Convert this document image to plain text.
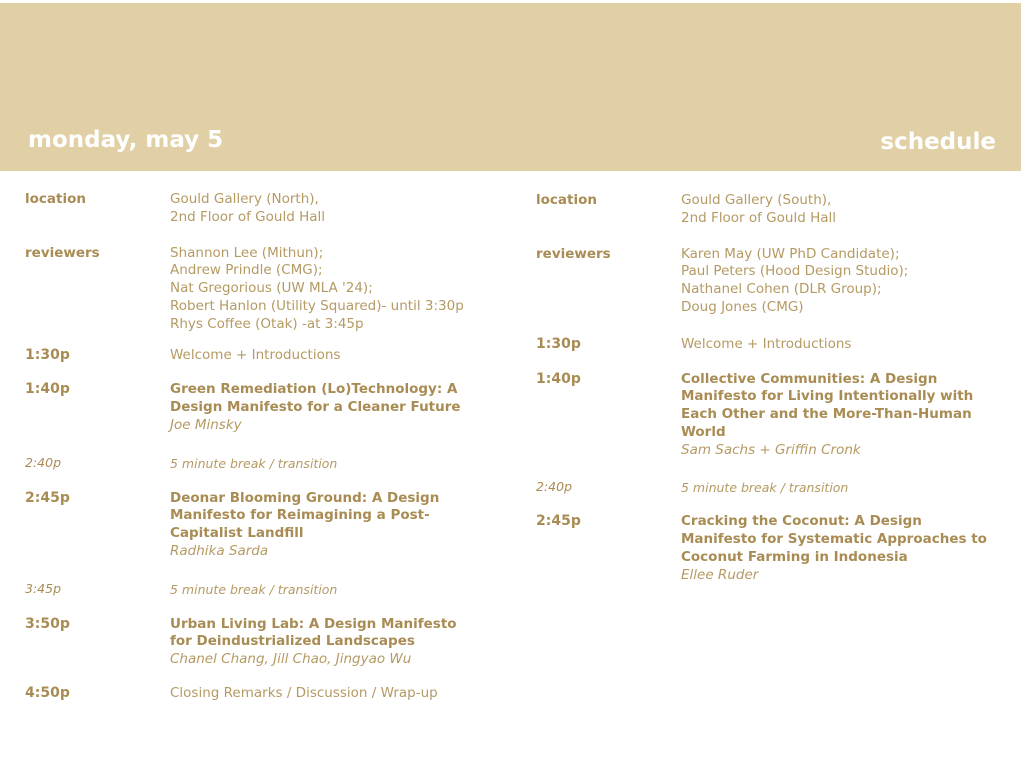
monday, may 5	schedule
location	Gould Gallery (North),
2nd Floor of Gould Hall
reviewers	Shannon Lee (Mithun);
Andrew Prindle (CMG);
Nat Gregorious (UW MLA '24);
Robert Hanlon (Utility Squared)- until 3:30p
Rhys Coffee (Otak) -at 3:45p
1:30p	Welcome + Introductions
1:40p	Green Remediation (Lo)Technology: A Design Manifesto for a Cleaner Future
Joe Minsky
2:40p	5 minute break / transition
2:45p	Deonar Blooming Ground: A Design Manifesto for Reimagining a Post-Capitalist Landfill
Radhika Sarda
3:45p	5 minute break / transition
3:50p	Urban Living Lab: A Design Manifesto for Deindustrialized Landscapes
Chanel Chang, Jill Chao, Jingyao Wu
4:50p	Closing Remarks / Discussion / Wrap-up
location	Gould Gallery (South),
2nd Floor of Gould Hall
reviewers	Karen May (UW PhD Candidate);
Paul Peters (Hood Design Studio);
Nathanel Cohen (DLR Group);
Doug Jones (CMG)
1:30p	Welcome + Introductions
1:40p	Collective Communities: A Design Manifesto for Living Intentionally with Each Other and the More-Than-Human World
Sam Sachs + Griffin Cronk
2:40p	5 minute break / transition
2:45p	Cracking the Coconut: A Design Manifesto for Systematic Approaches to Coconut Farming in Indonesia
Ellee Ruder
